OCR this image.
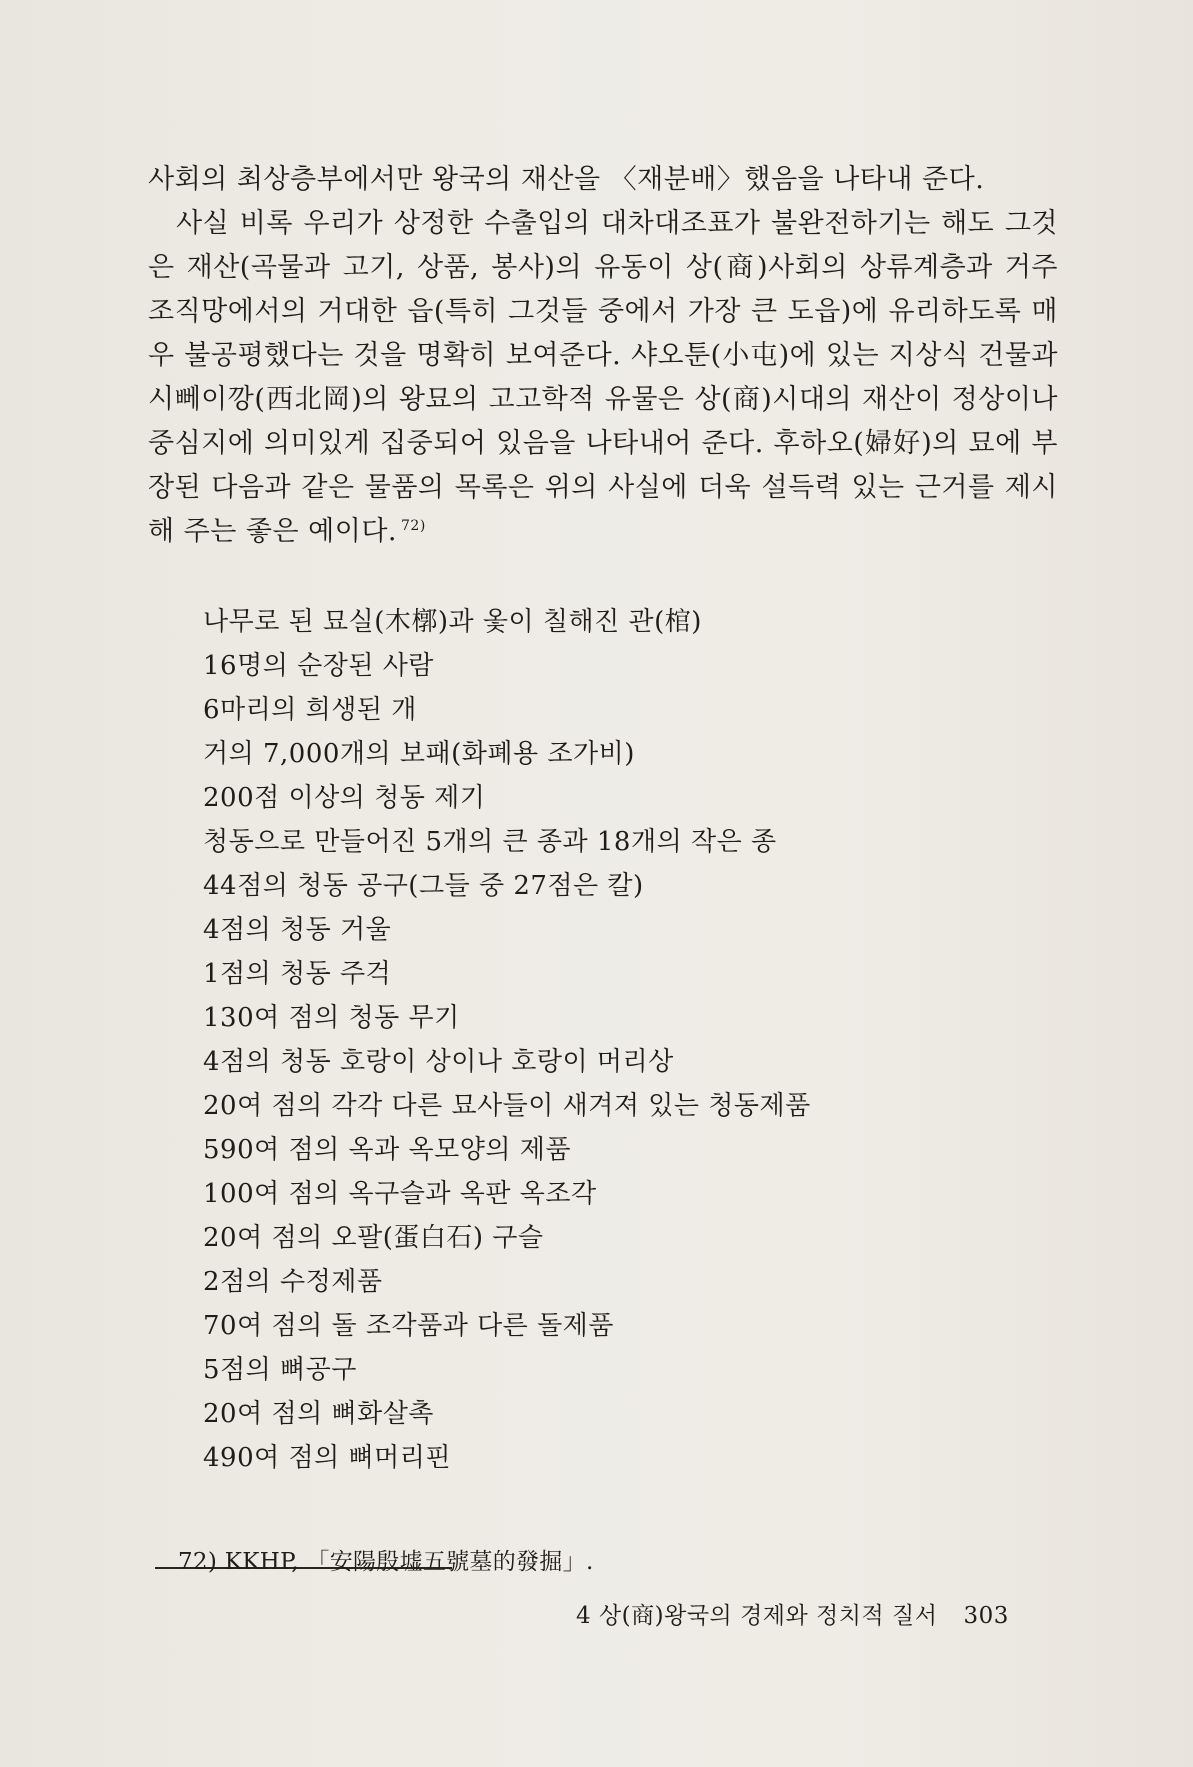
사회의 최상층부에서만 왕국의 재산을 〈재분배〉했음을 나타내 준다.

사실 비록 우리가 상정한 수출입의 대차대조표가 불완전하기는 해도 그것은 재산(곡물과 고기, 상품, 봉사)의 유동이 상(商)사회의 상류계층과 거주 조직망에서의 거대한 읍(특히 그것들 중에서 가장 큰 도읍)에 유리하도록 매우 불공평했다는 것을 명확히 보여준다. 샤오툰(小屯)에 있는 지상식 건물과 시뻬이깡(西北岡)의 왕묘의 고고학적 유물은 상(商)시대의 재산이 정상이나 중심지에 의미있게 집중되어 있음을 나타내어 준다. 후하오(婦好)의 묘에 부장된 다음과 같은 물품의 목록은 위의 사실에 더욱 설득력 있는 근거를 제시해 주는 좋은 예이다. $^{72)}$

나무로 된 묘실(木槨)과 옻이 칠해진 관(棺)
16명의 순장된 사람
6마리의 희생된 개
거의 7,000개의 보패(화폐용 조가비)
200점 이상의 청동 제기
청동으로 만들어진 5개의 큰 종과 18개의 작은 종
44점의 청동 공구(그들 중 27점은 칼)
4점의 청동 거울
1점의 청동 주걱
130여 점의 청동 무기
4점의 청동 호랑이 상이나 호랑이 머리상
20여 점의 각각 다른 묘사들이 새겨져 있는 청동제품
590여 점의 옥과 옥모양의 제품
100여 점의 옥구슬과 옥판 옥조각
20여 점의 오팔(蛋白石) 구슬
2점의 수정제품
70여 점의 돌 조각품과 다른 돌제품
5점의 뼈공구
20여 점의 뼈화살촉
490여 점의 뼈머리핀
72) KKHP, 「安陽殷墟五號墓的發掘」.
4 상(商)왕국의 경제와 정치적 질서 303
